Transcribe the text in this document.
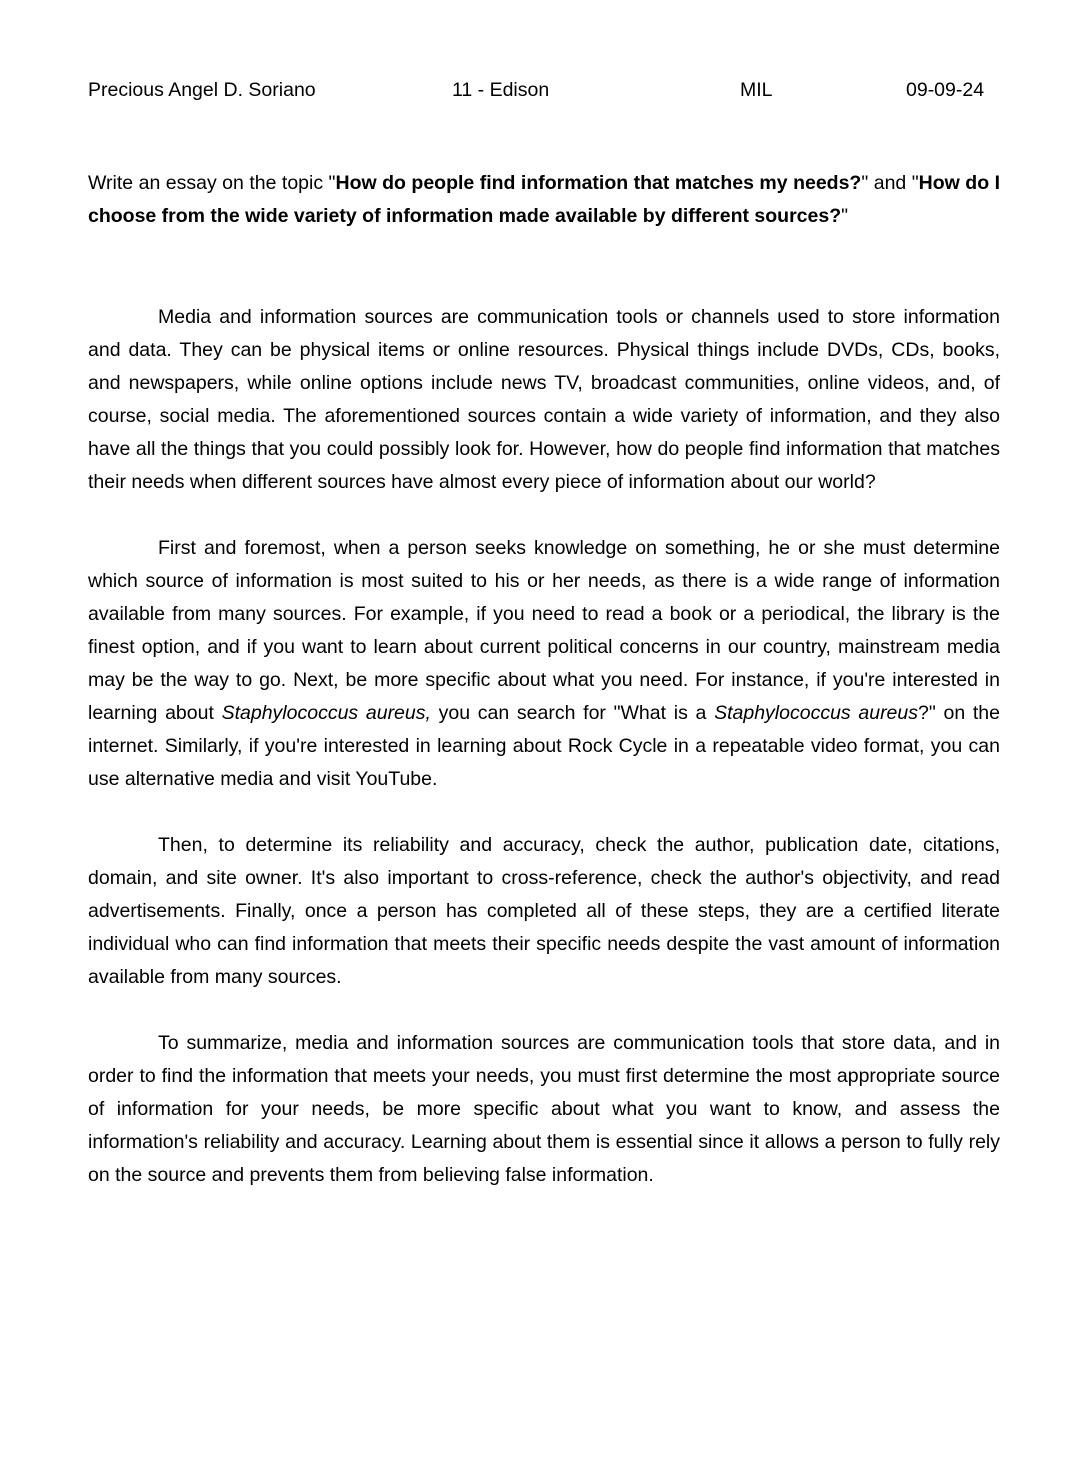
Precious Angel D. Soriano	11 - Edison	MIL	09-09-24
Write an essay on the topic "How do people find information that matches my needs?" and "How do I choose from the wide variety of information made available by different sources?"

Media and information sources are communication tools or channels used to store information and data. They can be physical items or online resources. Physical things include DVDs, CDs, books, and newspapers, while online options include news TV, broadcast communities, online videos, and, of course, social media. The aforementioned sources contain a wide variety of information, and they also have all the things that you could possibly look for. However, how do people find information that matches their needs when different sources have almost every piece of information about our world?

First and foremost, when a person seeks knowledge on something, he or she must determine which source of information is most suited to his or her needs, as there is a wide range of information available from many sources. For example, if you need to read a book or a periodical, the library is the finest option, and if you want to learn about current political concerns in our country, mainstream media may be the way to go. Next, be more specific about what you need. For instance, if you're interested in learning about Staphylococcus aureus, you can search for "What is a Staphylococcus aureus?" on the internet. Similarly, if you're interested in learning about Rock Cycle in a repeatable video format, you can use alternative media and visit YouTube.

Then, to determine its reliability and accuracy, check the author, publication date, citations, domain, and site owner. It's also important to cross-reference, check the author's objectivity, and read advertisements. Finally, once a person has completed all of these steps, they are a certified literate individual who can find information that meets their specific needs despite the vast amount of information available from many sources.

To summarize, media and information sources are communication tools that store data, and in order to find the information that meets your needs, you must first determine the most appropriate source of information for your needs, be more specific about what you want to know, and assess the information's reliability and accuracy. Learning about them is essential since it allows a person to fully rely on the source and prevents them from believing false information.
